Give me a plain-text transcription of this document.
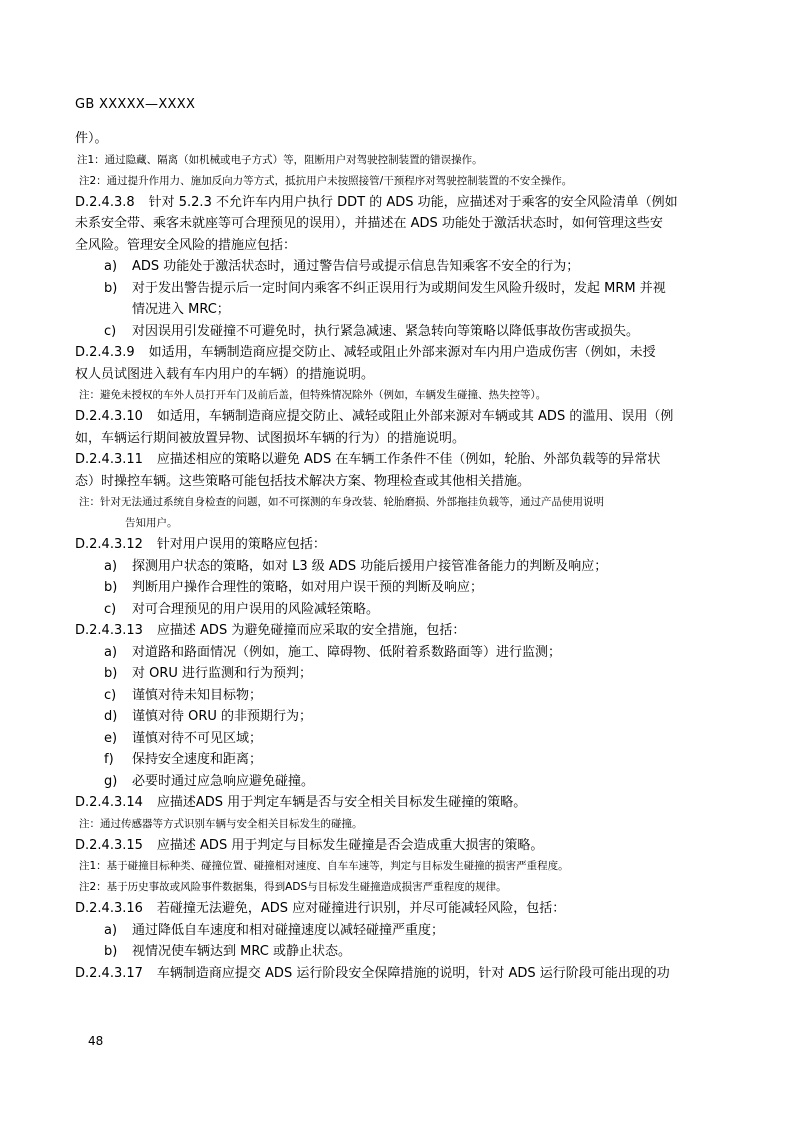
GB XXXXX—XXXX

件）。

注1：通过隐藏、隔离（如机械或电子方式）等，阻断用户对驾驶控制装置的错误操作。

注2：通过提升作用力、施加反向力等方式，抵抗用户未按照接管/干预程序对驾驶控制装置的不安全操作。

D.2.4.3.8 针对 5.2.3 不允许车内用户执行 DDT 的 ADS 功能，应描述对于乘客的安全风险清单（例如

未系安全带、乘客未就座等可合理预见的误用），并描述在 ADS 功能处于激活状态时，如何管理这些安

全风险。管理安全风险的措施应包括：

a) ADS 功能处于激活状态时，通过警告信号或提示信息告知乘客不安全的行为；

b) 对于发出警告提示后一定时间内乘客不纠正误用行为或期间发生风险升级时，发起 MRM 并视

情况进入 MRC；

c) 对因误用引发碰撞不可避免时，执行紧急减速、紧急转向等策略以降低事故伤害或损失。

D.2.4.3.9 如适用，车辆制造商应提交防止、减轻或阻止外部来源对车内用户造成伤害（例如，未授

权人员试图进入载有车内用户的车辆）的措施说明。

注：避免未授权的车外人员打开车门及前后盖，但特殊情况除外（例如，车辆发生碰撞、热失控等）。

D.2.4.3.10 如适用，车辆制造商应提交防止、减轻或阻止外部来源对车辆或其 ADS 的滥用、误用（例

如，车辆运行期间被放置异物、试图损坏车辆的行为）的措施说明。

D.2.4.3.11 应描述相应的策略以避免 ADS 在车辆工作条件不佳（例如，轮胎、外部负载等的异常状

态）时操控车辆。这些策略可能包括技术解决方案、物理检查或其他相关措施。

注：针对无法通过系统自身检查的问题，如不可探测的车身改装、轮胎磨损、外部拖挂负载等，通过产品使用说明

告知用户。

D.2.4.3.12 针对用户误用的策略应包括：

a) 探测用户状态的策略，如对 L3 级 ADS 功能后援用户接管准备能力的判断及响应；

b) 判断用户操作合理性的策略，如对用户误干预的判断及响应；

c) 对可合理预见的用户误用的风险减轻策略。

D.2.4.3.13 应描述 ADS 为避免碰撞而应采取的安全措施，包括：

a) 对道路和路面情况（例如，施工、障碍物、低附着系数路面等）进行监测；

b) 对 ORU 进行监测和行为预判；

c) 谨慎对待未知目标物；

d) 谨慎对待 ORU 的非预期行为；

e) 谨慎对待不可见区域；

f) 保持安全速度和距离；

g) 必要时通过应急响应避免碰撞。

D.2.4.3.14 应描述ADS 用于判定车辆是否与安全相关目标发生碰撞的策略。

注：通过传感器等方式识别车辆与安全相关目标发生的碰撞。

D.2.4.3.15 应描述 ADS 用于判定与目标发生碰撞是否会造成重大损害的策略。

注1：基于碰撞目标种类、碰撞位置、碰撞相对速度、自车车速等，判定与目标发生碰撞的损害严重程度。

注2：基于历史事故或风险事件数据集，得到ADS与目标发生碰撞造成损害严重程度的规律。

D.2.4.3.16 若碰撞无法避免，ADS 应对碰撞进行识别，并尽可能减轻风险，包括：

a) 通过降低自车速度和相对碰撞速度以减轻碰撞严重度；

b) 视情况使车辆达到 MRC 或静止状态。

D.2.4.3.17 车辆制造商应提交 ADS 运行阶段安全保障措施的说明，针对 ADS 运行阶段可能出现的功

48
